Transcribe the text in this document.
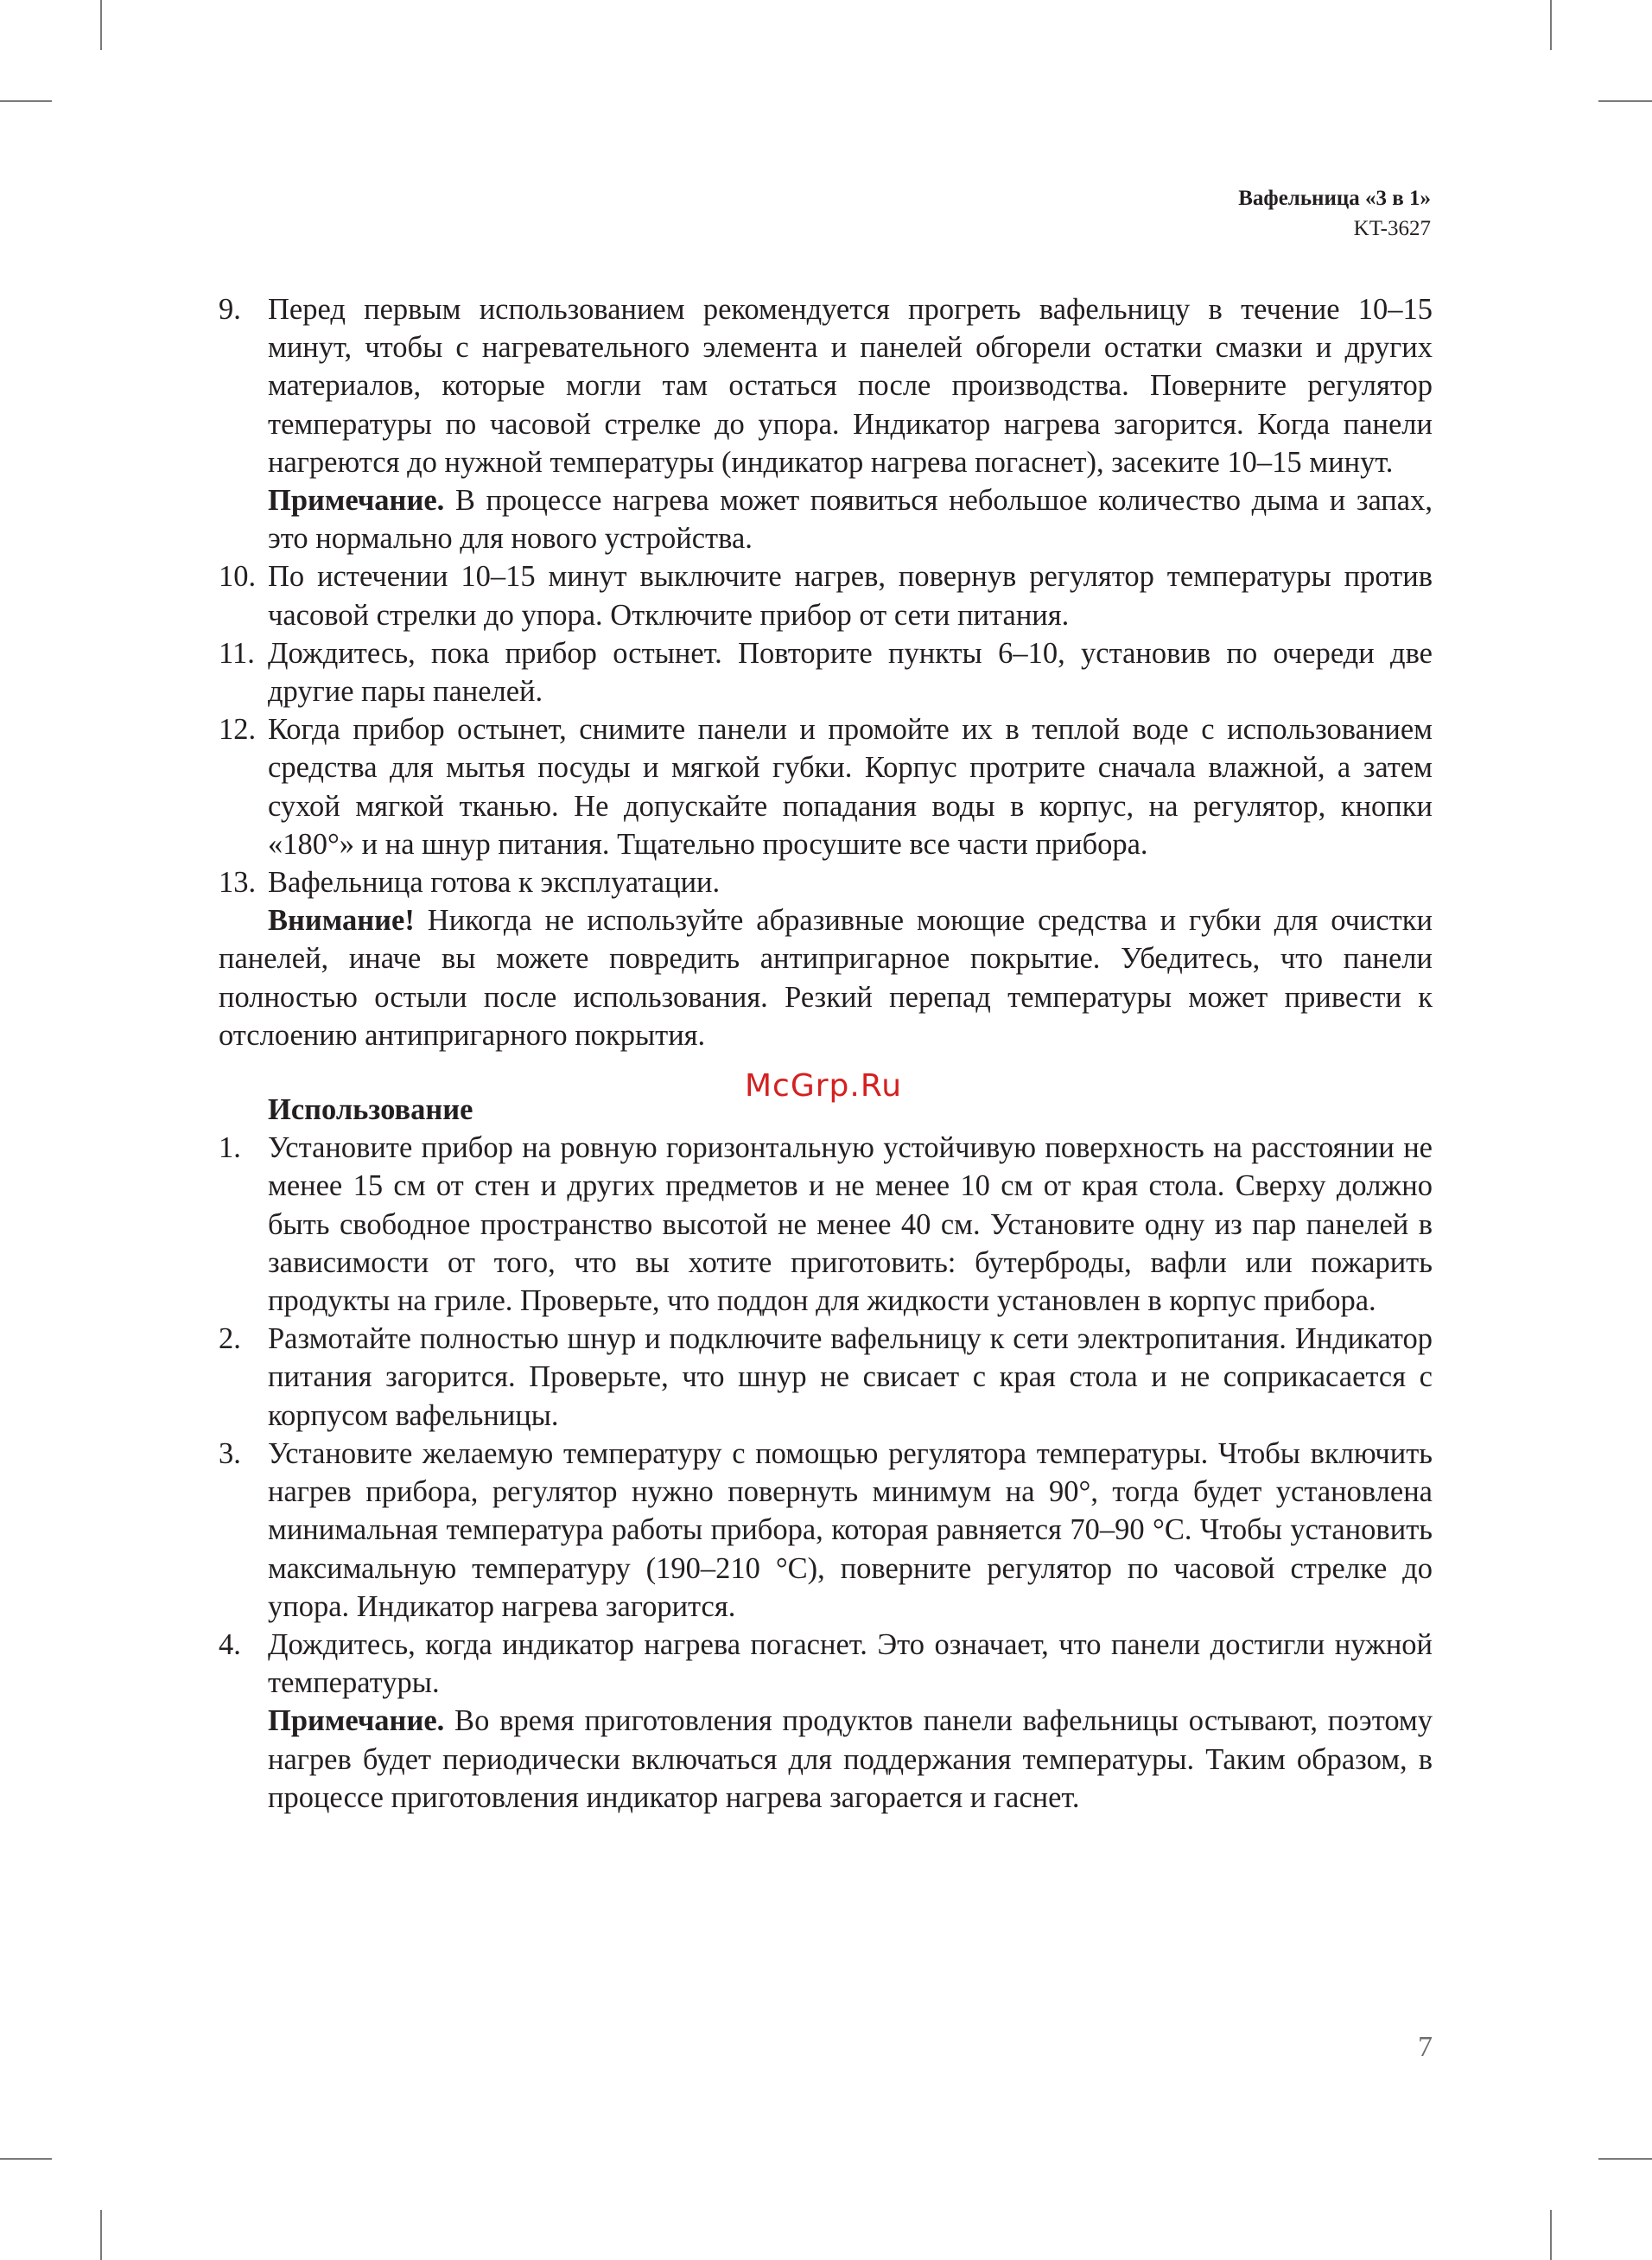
Вафельница «3 в 1»
KT-3627
9. Перед первым использованием рекомендуется прогреть вафельницу в течение 10–15 минут, чтобы с нагревательного элемента и панелей обгорели остатки смазки и других материалов, которые могли там остаться после производства. Поверните регулятор температуры по часовой стрелке до упора. Индикатор нагрева загорится. Когда панели нагреются до нужной температуры (индикатор нагрева погаснет), засеките 10–15 минут.
Примечание. В процессе нагрева может появиться небольшое количество дыма и запах, это нормально для нового устройства.
10. По истечении 10–15 минут выключите нагрев, повернув регулятор температуры против часовой стрелки до упора. Отключите прибор от сети питания.
11. Дождитесь, пока прибор остынет. Повторите пункты 6–10, установив по очереди две другие пары панелей.
12. Когда прибор остынет, снимите панели и промойте их в теплой воде с использованием средства для мытья посуды и мягкой губки. Корпус протрите сначала влажной, а затем сухой мягкой тканью. Не допускайте попадания воды в корпус, на регулятор, кнопки «180°» и на шнур питания. Тщательно просушите все части прибора.
13. Вафельница готова к эксплуатации.
Внимание! Никогда не используйте абразивные моющие средства и губки для очистки панелей, иначе вы можете повредить антипригарное покрытие. Убедитесь, что панели полностью остыли после использования. Резкий перепад температуры может привести к отслоению антипригарного покрытия.
Использование
1. Установите прибор на ровную горизонтальную устойчивую поверхность на расстоянии не менее 15 см от стен и других предметов и не менее 10 см от края стола. Сверху должно быть свободное пространство высотой не менее 40 см. Установите одну из пар панелей в зависимости от того, что вы хотите приготовить: бутерброды, вафли или пожарить продукты на гриле. Проверьте, что поддон для жидкости установлен в корпус прибора.
2. Размотайте полностью шнур и подключите вафельницу к сети электропитания. Индикатор питания загорится. Проверьте, что шнур не свисает с края стола и не соприкасается с корпусом вафельницы.
3. Установите желаемую температуру с помощью регулятора температуры. Чтобы включить нагрев прибора, регулятор нужно повернуть минимум на 90°, тогда будет установлена минимальная температура работы прибора, которая равняется 70–90 °С. Чтобы установить максимальную температуру (190–210 °С), поверните регулятор по часовой стрелке до упора. Индикатор нагрева загорится.
4. Дождитесь, когда индикатор нагрева погаснет. Это означает, что панели достигли нужной температуры.
Примечание. Во время приготовления продуктов панели вафельницы остывают, поэтому нагрев будет периодически включаться для поддержания температуры. Таким образом, в процессе приготовления индикатор нагрева загорается и гаснет.
McGrp.Ru
7
